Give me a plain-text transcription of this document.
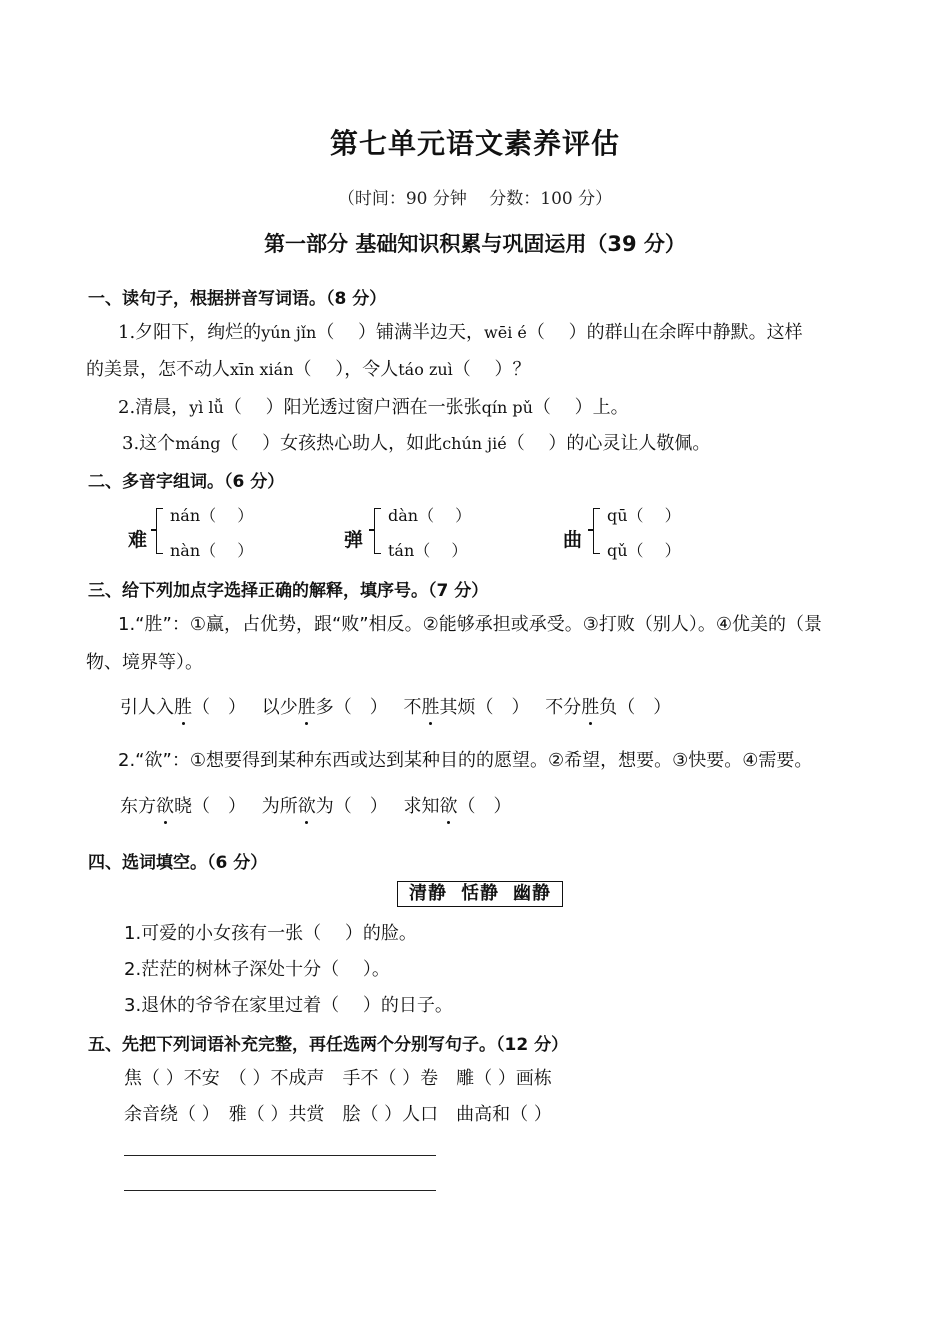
第七单元语文素养评估
（时间：90 分钟　 分数：100 分）
第一部分 基础知识积累与巩固运用（39 分）
一、读句子，根据拼音写词语。（8 分）
1.夕阳下，绚烂的yún jǐn（　 ）铺满半边天，wēi é（　 ）的群山在余晖中静默。这样
的美景，怎不动人xīn xián（　 ），令人táo zuì（　 ）？
2.清晨，yì lǚ（　 ）阳光透过窗户洒在一张张qín pǔ（　 ）上。
3.这个máng（　 ）女孩热心助人，如此chún jié（　 ）的心灵让人敬佩。
二、多音字组词。（6 分）
难
nán（　 ）
nàn（　 ）	弹
dàn（　 ）
tán（　 ）	曲
qū（　 ）
qǔ（　 ）
三、给下列加点字选择正确的解释，填序号。（7 分）
1.“胜”：①赢，占优势，跟“败”相反。②能够承担或承受。③打败（别人）。④优美的（景
物、境界等）。
引人入胜（　） 以少胜多（　） 不胜其烦（　） 不分胜负（　）
2.“欲”：①想要得到某种东西或达到某种目的的愿望。②希望，想要。③快要。④需要。
东方欲晓（　） 为所欲为（　） 求知欲（　）
四、选词填空。（6 分）
清静 恬静 幽静
1.可爱的小女孩有一张（　 ）的脸。
2.茫茫的树林子深处十分（　 ）。
3.退休的爷爷在家里过着（　 ）的日子。
五、先把下列词语补充完整，再任选两个分别写句子。（12 分）
焦（ ）不安　（ ）不成声　手不（ ）卷　雕（ ）画栋
余音绕（ ）　雅（ ）共赏　脍（ ）人口　曲高和（ ）
